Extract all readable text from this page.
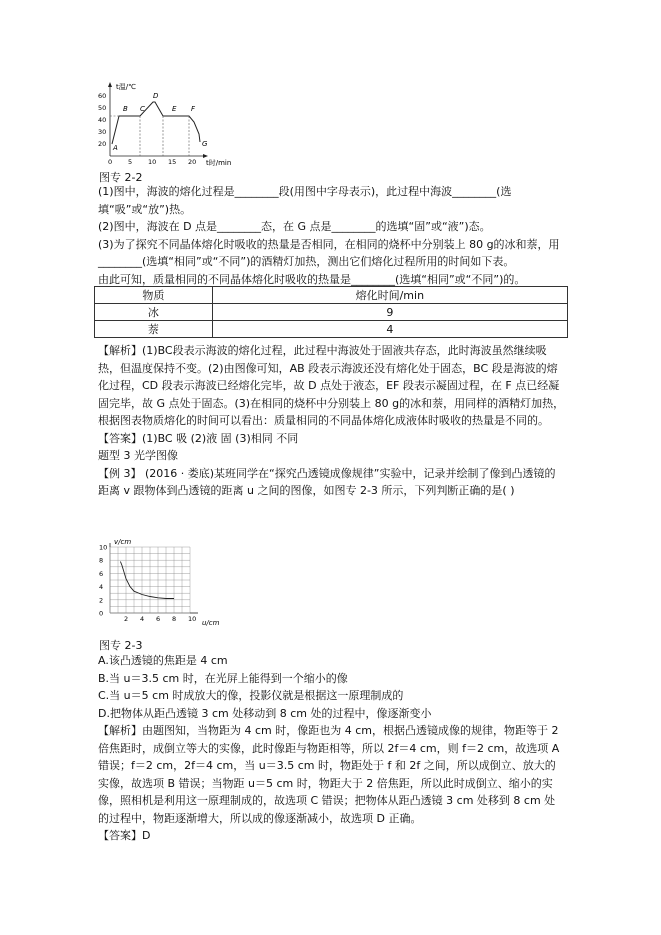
t温/℃
60
50
40
30
20
0 5 10 15 20 t时/min
A
B C
D
E F
G
图专 2-2

(1)图中，海波的熔化过程是________段(用图中字母表示)，此过程中海波________(选填“吸”或“放”)热。

(2)图中，海波在 D 点是________态，在 G 点是________的选填“固”或“液”)态。

(3)为了探究不同晶体熔化时吸收的热量是否相同，在相同的烧杯中分别装上 80 g的冰和萘，用________(选填“相同”或“不同”)的酒精灯加热，测出它们熔化过程所用的时间如下表。

由此可知，质量相同的不同晶体熔化时吸收的热量是________(选填“相同”或“不同”)的。

物质	熔化时间/min
冰	9
萘	4

【解析】(1)BC段表示海波的熔化过程，此过程中海波处于固液共存态，此时海波虽然继续吸热，但温度保持不变。(2)由图像可知，AB 段表示海波还没有熔化处于固态，BC 段是海波的熔化过程，CD 段表示海波已经熔化完毕，故 D 点处于液态，EF 段表示凝固过程，在 F 点已经凝固完毕，故 G 点处于固态。(3)在相同的烧杯中分别装上 80 g的冰和萘，用同样的酒精灯加热，根据图表物质熔化的时间可以看出：质量相同的不同晶体熔化成液体时吸收的热量是不同的。

【答案】(1)BC 吸 (2)液 固 (3)相同 不同

题型 3 光学图像

【例 3】 (2016 · 娄底)某班同学在“探究凸透镜成像规律”实验中，记录并绘制了像到凸透镜的距离 v 跟物体到凸透镜的距离 u 之间的图像，如图专 2-3 所示，下列判断正确的是( )

10
8
6
4
2
0
2 4 6 8 10
v/cm
u/cm
图专 2-3

A.该凸透镜的焦距是 4 cm

B.当 u＝3.5 cm 时，在光屏上能得到一个缩小的像

C.当 u＝5 cm 时成放大的像，投影仪就是根据这一原理制成的

D.把物体从距凸透镜 3 cm 处移动到 8 cm 处的过程中，像逐渐变小

【解析】由题图知，当物距为 4 cm 时，像距也为 4 cm，根据凸透镜成像的规律，物距等于 2 倍焦距时，成倒立等大的实像，此时像距与物距相等，所以 2f＝4 cm，则 f＝2 cm，故选项 A 错误；f＝2 cm，2f＝4 cm，当 u＝3.5 cm 时，物距处于 f 和 2f 之间，所以成倒立、放大的实像，故选项 B 错误；当物距 u＝5 cm 时，物距大于 2 倍焦距，所以此时成倒立、缩小的实像，照相机是利用这一原理制成的，故选项 C 错误；把物体从距凸透镜 3 cm 处移到 8 cm 处的过程中，物距逐渐增大，所以成的像逐渐减小，故选项 D 正确。

【答案】D
